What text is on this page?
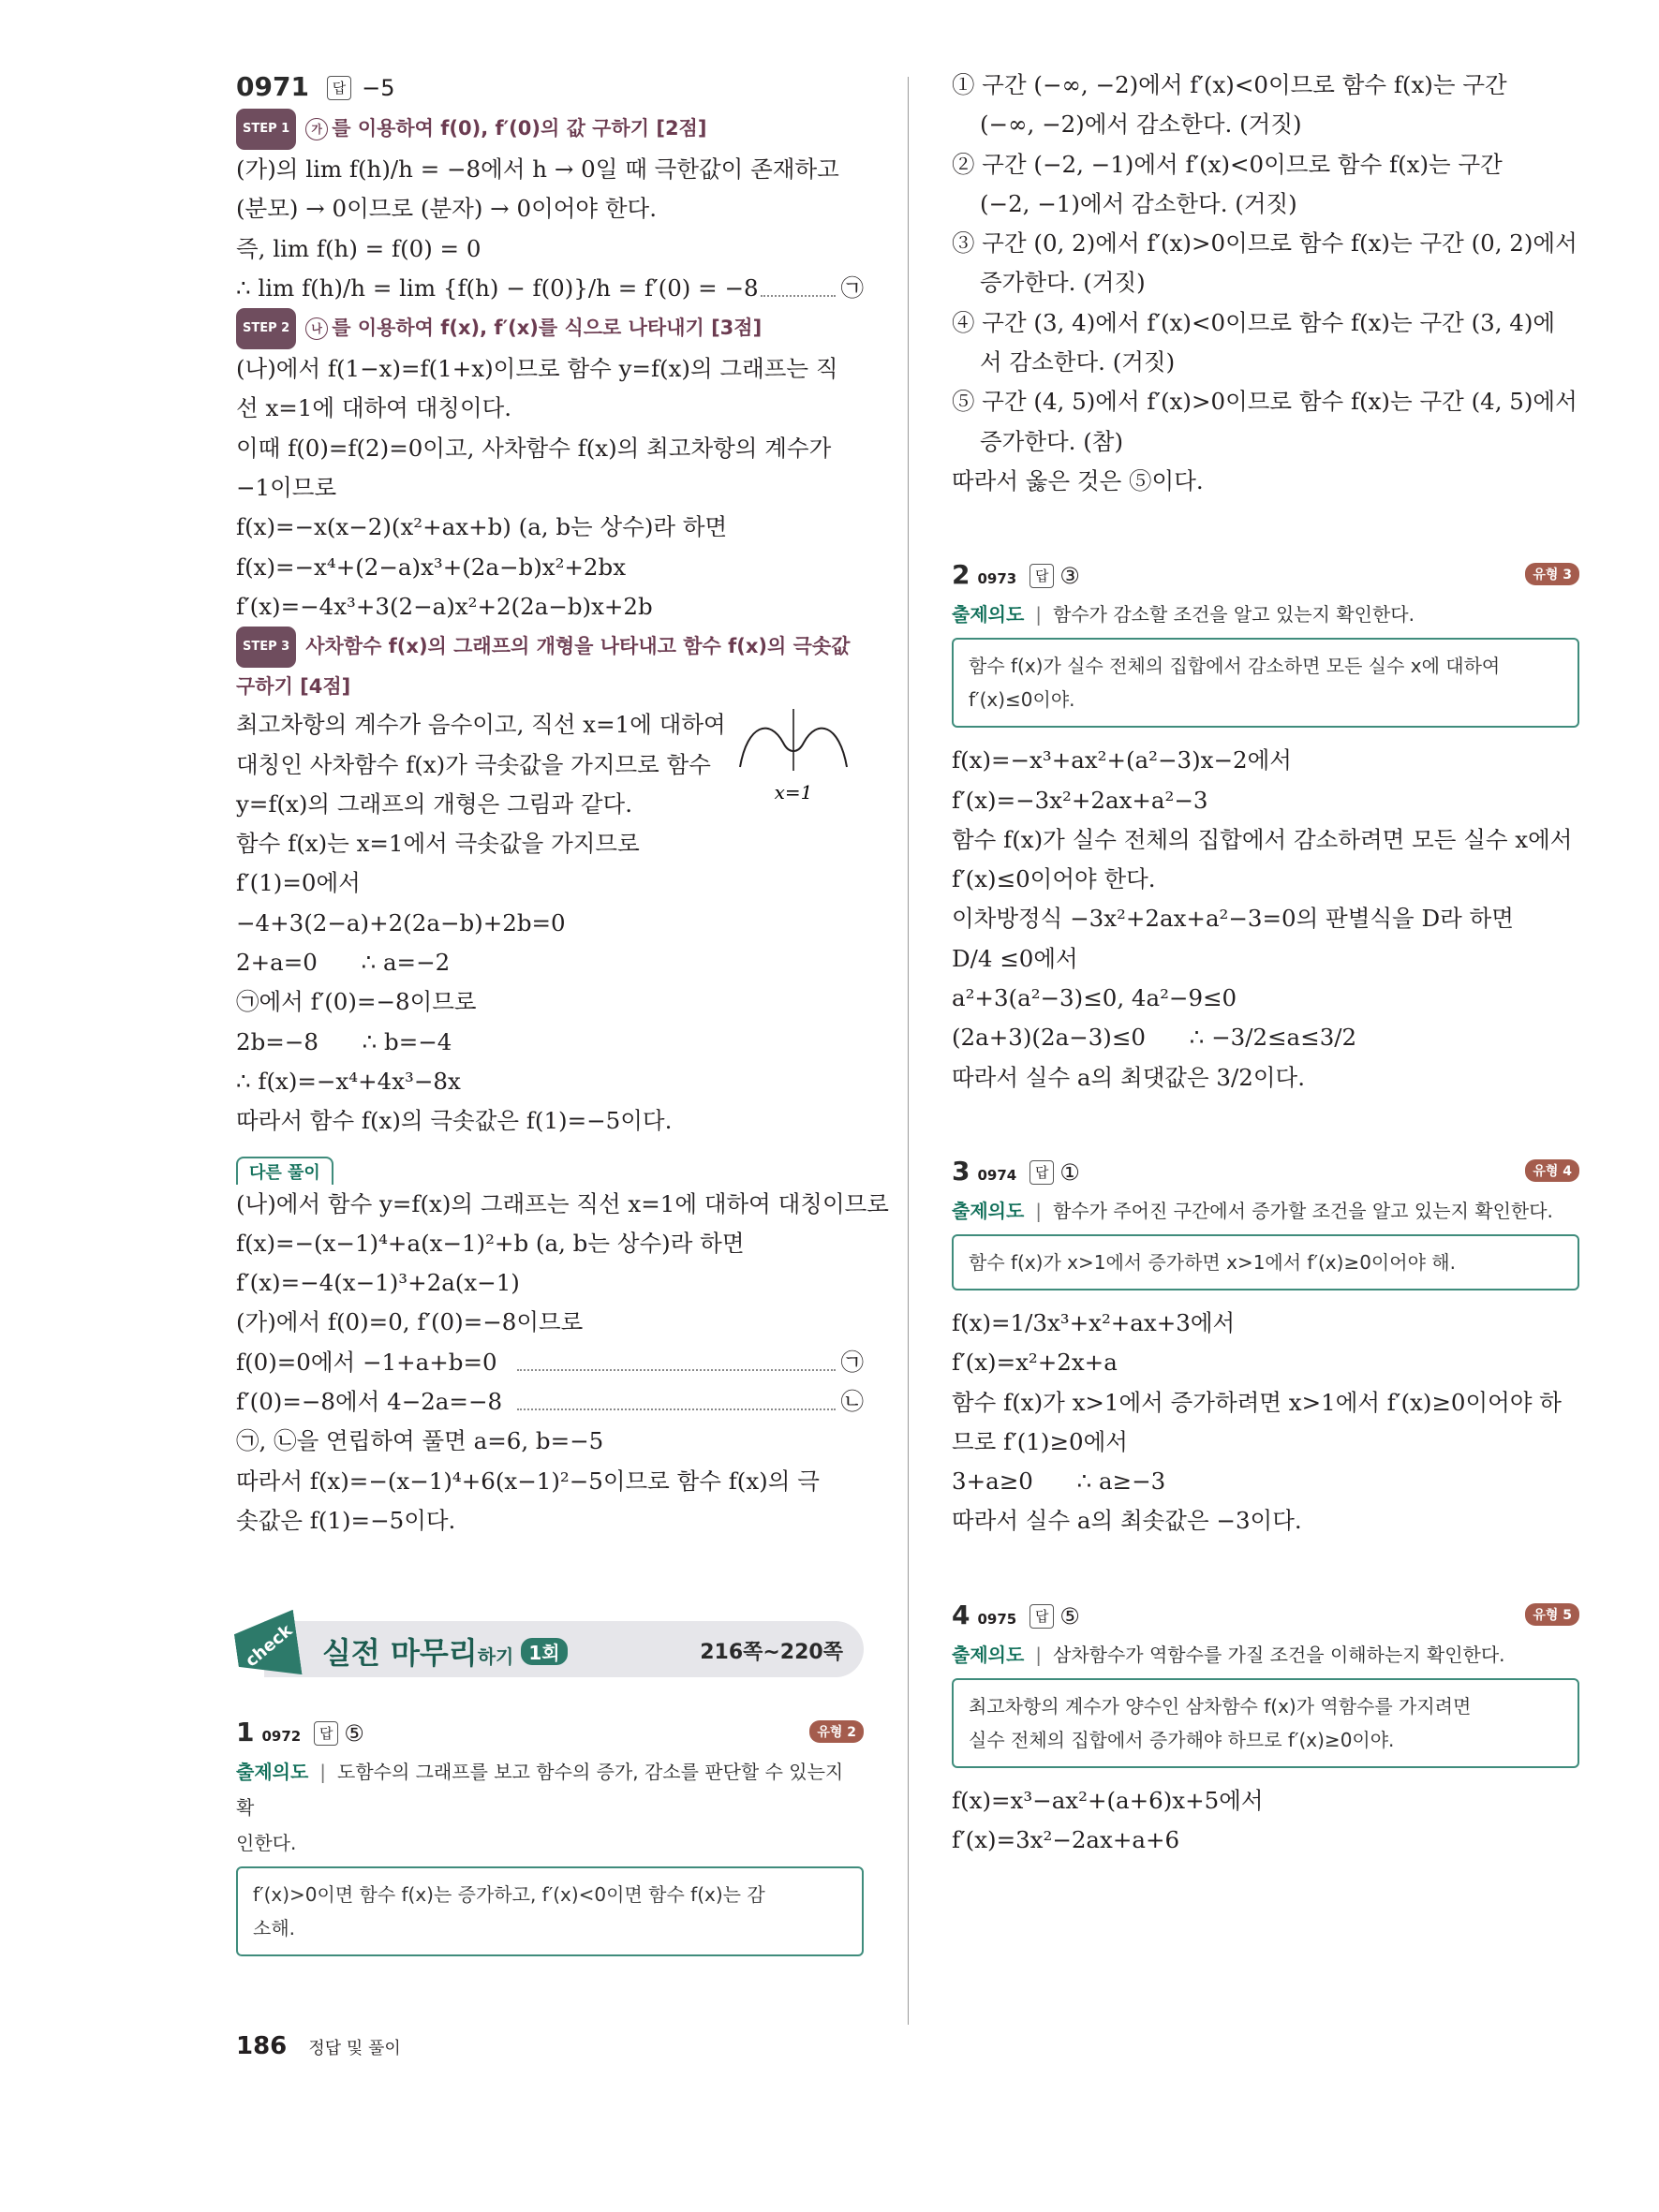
0971 답 −5
STEP 1 가 를 이용하여 f(0), f′(0)의 값 구하기 [2점]
(가)의 lim f(h)/h = −8에서 h → 0일 때 극한값이 존재하고
(분모) → 0이므로 (분자) → 0이어야 한다.
즉, lim f(h) = f(0) = 0
∴ lim f(h)/h = lim {f(h) − f(0)}/h = f′(0) = −8	㉠
STEP 2 나 를 이용하여 f(x), f′(x)를 식으로 나타내기 [3점]
(나)에서 f(1−x)=f(1+x)이므로 함수 y=f(x)의 그래프는 직
선 x=1에 대하여 대칭이다.
이때 f(0)=f(2)=0이고, 사차함수 f(x)의 최고차항의 계수가
−1이므로
f(x)=−x(x−2)(x²+ax+b) (a, b는 상수)라 하면
f(x)=−x⁴+(2−a)x³+(2a−b)x²+2bx
f′(x)=−4x³+3(2−a)x²+2(2a−b)x+2b
STEP 3 사차함수 f(x)의 그래프의 개형을 나타내고 함수 f(x)의 극솟값
구하기 [4점]
x=1
최고차항의 계수가 음수이고, 직선 x=1에 대하여
대칭인 사차함수 f(x)가 극솟값을 가지므로 함수
y=f(x)의 그래프의 개형은 그림과 같다.
함수 f(x)는 x=1에서 극솟값을 가지므로
f′(1)=0에서
−4+3(2−a)+2(2a−b)+2b=0
2+a=0      ∴ a=−2
㉠에서 f′(0)=−8이므로
2b=−8      ∴ b=−4
∴ f(x)=−x⁴+4x³−8x
따라서 함수 f(x)의 극솟값은 f(1)=−5이다.
다른 풀이
(나)에서 함수 y=f(x)의 그래프는 직선 x=1에 대하여 대칭이므로
f(x)=−(x−1)⁴+a(x−1)²+b (a, b는 상수)라 하면
f′(x)=−4(x−1)³+2a(x−1)
(가)에서 f(0)=0, f′(0)=−8이므로
f(0)=0에서 −1+a+b=0	㉠
f′(0)=−8에서 4−2a=−8	㉡
㉠, ㉡을 연립하여 풀면 a=6, b=−5
따라서 f(x)=−(x−1)⁴+6(x−1)²−5이므로 함수 f(x)의 극
솟값은 f(1)=−5이다.
check 실전 마무리하기 1회	216쪽~220쪽
1 0972 답 ⑤	유형 2
출제의도 | 도함수의 그래프를 보고 함수의 증가, 감소를 판단할 수 있는지 확
인한다.
f′(x)>0이면 함수 f(x)는 증가하고, f′(x)<0이면 함수 f(x)는 감
소해.
① 구간 (−∞, −2)에서 f′(x)<0이므로 함수 f(x)는 구간
(−∞, −2)에서 감소한다. (거짓)
② 구간 (−2, −1)에서 f′(x)<0이므로 함수 f(x)는 구간
(−2, −1)에서 감소한다. (거짓)
③ 구간 (0, 2)에서 f′(x)>0이므로 함수 f(x)는 구간 (0, 2)에서
증가한다. (거짓)
④ 구간 (3, 4)에서 f′(x)<0이므로 함수 f(x)는 구간 (3, 4)에
서 감소한다. (거짓)
⑤ 구간 (4, 5)에서 f′(x)>0이므로 함수 f(x)는 구간 (4, 5)에서
증가한다. (참)
따라서 옳은 것은 ⑤이다.
2 0973 답 ③	유형 3
출제의도 | 함수가 감소할 조건을 알고 있는지 확인한다.
함수 f(x)가 실수 전체의 집합에서 감소하면 모든 실수 x에 대하여
f′(x)≤0이야.
f(x)=−x³+ax²+(a²−3)x−2에서
f′(x)=−3x²+2ax+a²−3
함수 f(x)가 실수 전체의 집합에서 감소하려면 모든 실수 x에서
f′(x)≤0이어야 한다.
이차방정식 −3x²+2ax+a²−3=0의 판별식을 D라 하면
D/4 ≤0에서
a²+3(a²−3)≤0, 4a²−9≤0
(2a+3)(2a−3)≤0      ∴ −3/2≤a≤3/2
따라서 실수 a의 최댓값은 3/2이다.
3 0974 답 ①	유형 4
출제의도 | 함수가 주어진 구간에서 증가할 조건을 알고 있는지 확인한다.
함수 f(x)가 x>1에서 증가하면 x>1에서 f′(x)≥0이어야 해.
f(x)=1/3x³+x²+ax+3에서
f′(x)=x²+2x+a
함수 f(x)가 x>1에서 증가하려면 x>1에서 f′(x)≥0이어야 하
므로 f′(1)≥0에서
3+a≥0      ∴ a≥−3
따라서 실수 a의 최솟값은 −3이다.
4 0975 답 ⑤	유형 5
출제의도 | 삼차함수가 역함수를 가질 조건을 이해하는지 확인한다.
최고차항의 계수가 양수인 삼차함수 f(x)가 역함수를 가지려면
실수 전체의 집합에서 증가해야 하므로 f′(x)≥0이야.
f(x)=x³−ax²+(a+6)x+5에서
f′(x)=3x²−2ax+a+6
186 정답 및 풀이
